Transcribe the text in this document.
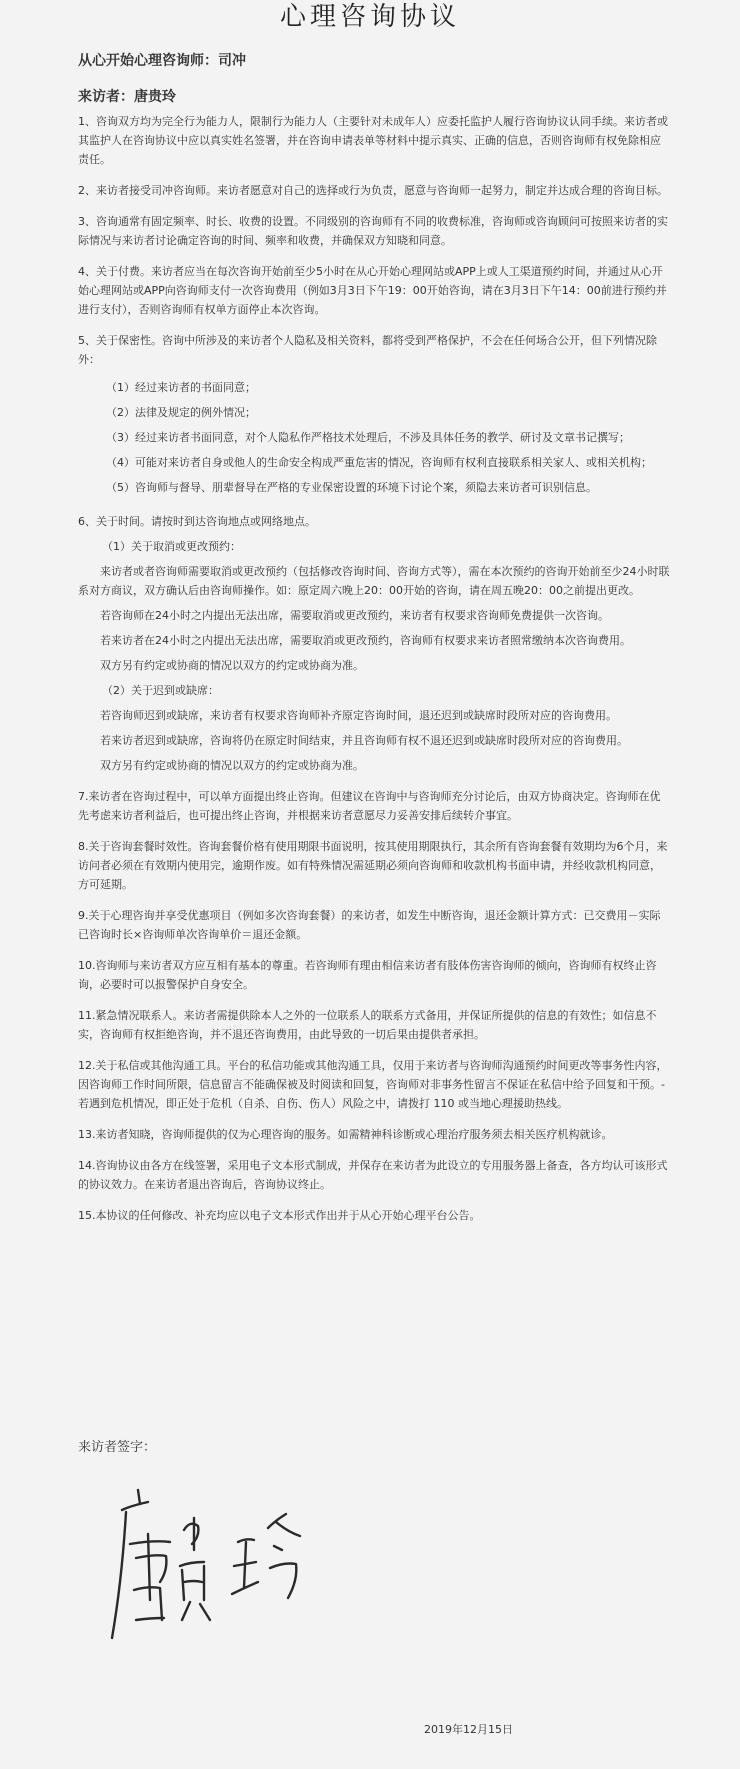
心理咨询协议
从心开始心理咨询师：司冲
来访者：唐贵玲

1、咨询双方均为完全行为能力人，限制行为能力人（主要针对未成年人）应委托监护人履行咨询协议认同手续。来访者或其监护人在咨询协议中应以真实姓名签署，并在咨询申请表单等材料中提示真实、正确的信息，否则咨询师有权免除相应责任。

2、来访者接受司冲咨询师。来访者愿意对自己的选择或行为负责，愿意与咨询师一起努力，制定并达成合理的咨询目标。

3、咨询通常有固定频率、时长、收费的设置。不同级别的咨询师有不同的收费标准，咨询师或咨询顾问可按照来访者的实际情况与来访者讨论确定咨询的时间、频率和收费，并确保双方知晓和同意。

4、关于付费。来访者应当在每次咨询开始前至少5小时在从心开始心理网站或APP上或人工渠道预约时间，并通过从心开始心理网站或APP向咨询师支付一次咨询费用（例如3月3日下午19：00开始咨询，请在3月3日下午14：00前进行预约并进行支付），否则咨询师有权单方面停止本次咨询。

5、关于保密性。咨询中所涉及的来访者个人隐私及相关资料，都将受到严格保护，不会在任何场合公开，但下列情况除外：

（1）经过来访者的书面同意；
（2）法律及规定的例外情况；
（3）经过来访者书面同意，对个人隐私作严格技术处理后，不涉及具体任务的教学、研讨及文章书记撰写；
（4）可能对来访者自身或他人的生命安全构成严重危害的情况，咨询师有权利直接联系相关家人、或相关机构；
（5）咨询师与督导、朋辈督导在严格的专业保密设置的环境下讨论个案，须隐去来访者可识别信息。
6、关于时间。请按时到达咨询地点或网络地点。
（1）关于取消或更改预约：
来访者或者咨询师需要取消或更改预约（包括修改咨询时间、咨询方式等），需在本次预约的咨询开始前至少24小时联系对方商议，双方确认后由咨询师操作。如：原定周六晚上20：00开始的咨询，请在周五晚20：00之前提出更改。
若咨询师在24小时之内提出无法出席，需要取消或更改预约，来访者有权要求咨询师免费提供一次咨询。
若来访者在24小时之内提出无法出席，需要取消或更改预约，咨询师有权要求来访者照常缴纳本次咨询费用。
双方另有约定或协商的情况以双方的约定或协商为准。
（2）关于迟到或缺席：
若咨询师迟到或缺席，来访者有权要求咨询师补齐原定咨询时间，退还迟到或缺席时段所对应的咨询费用。
若来访者迟到或缺席，咨询将仍在原定时间结束，并且咨询师有权不退还迟到或缺席时段所对应的咨询费用。
双方另有约定或协商的情况以双方的约定或协商为准。

7.来访者在咨询过程中，可以单方面提出终止咨询。但建议在咨询中与咨询师充分讨论后，由双方协商决定。咨询师在优先考虑来访者利益后，也可提出终止咨询，并根据来访者意愿尽力妥善安排后续转介事宜。

8.关于咨询套餐时效性。咨询套餐价格有使用期限书面说明，按其使用期限执行，其余所有咨询套餐有效期均为6个月，来访问者必须在有效期内使用完，逾期作废。如有特殊情况需延期必须向咨询师和收款机构书面申请，并经收款机构同意，方可延期。

9.关于心理咨询并享受优惠项目（例如多次咨询套餐）的来访者，如发生中断咨询，退还金额计算方式：已交费用－实际已咨询时长×咨询师单次咨询单价＝退还金额。

10.咨询师与来访者双方应互相有基本的尊重。若咨询师有理由相信来访者有肢体伤害咨询师的倾向，咨询师有权终止咨询，必要时可以报警保护自身安全。

11.紧急情况联系人。来访者需提供除本人之外的一位联系人的联系方式备用，并保证所提供的信息的有效性；如信息不实，咨询师有权拒绝咨询，并不退还咨询费用，由此导致的一切后果由提供者承担。

12.关于私信或其他沟通工具。平台的私信功能或其他沟通工具，仅用于来访者与咨询师沟通预约时间更改等事务性内容，因咨询师工作时间所限，信息留言不能确保被及时阅读和回复，咨询师对非事务性留言不保证在私信中给予回复和干预。- 若遇到危机情况，即正处于危机（自杀、自伤、伤人）风险之中，请拨打 110 或当地心理援助热线。

13.来访者知晓，咨询师提供的仅为心理咨询的服务。如需精神科诊断或心理治疗服务须去相关医疗机构就诊。

14.咨询协议由各方在线签署，采用电子文本形式制成，并保存在来访者为此设立的专用服务器上备查，各方均认可该形式的协议效力。在来访者退出咨询后，咨询协议终止。

15.本协议的任何修改、补充均应以电子文本形式作出并于从心开始心理平台公告。

来访者签字：
2019年12月15日
